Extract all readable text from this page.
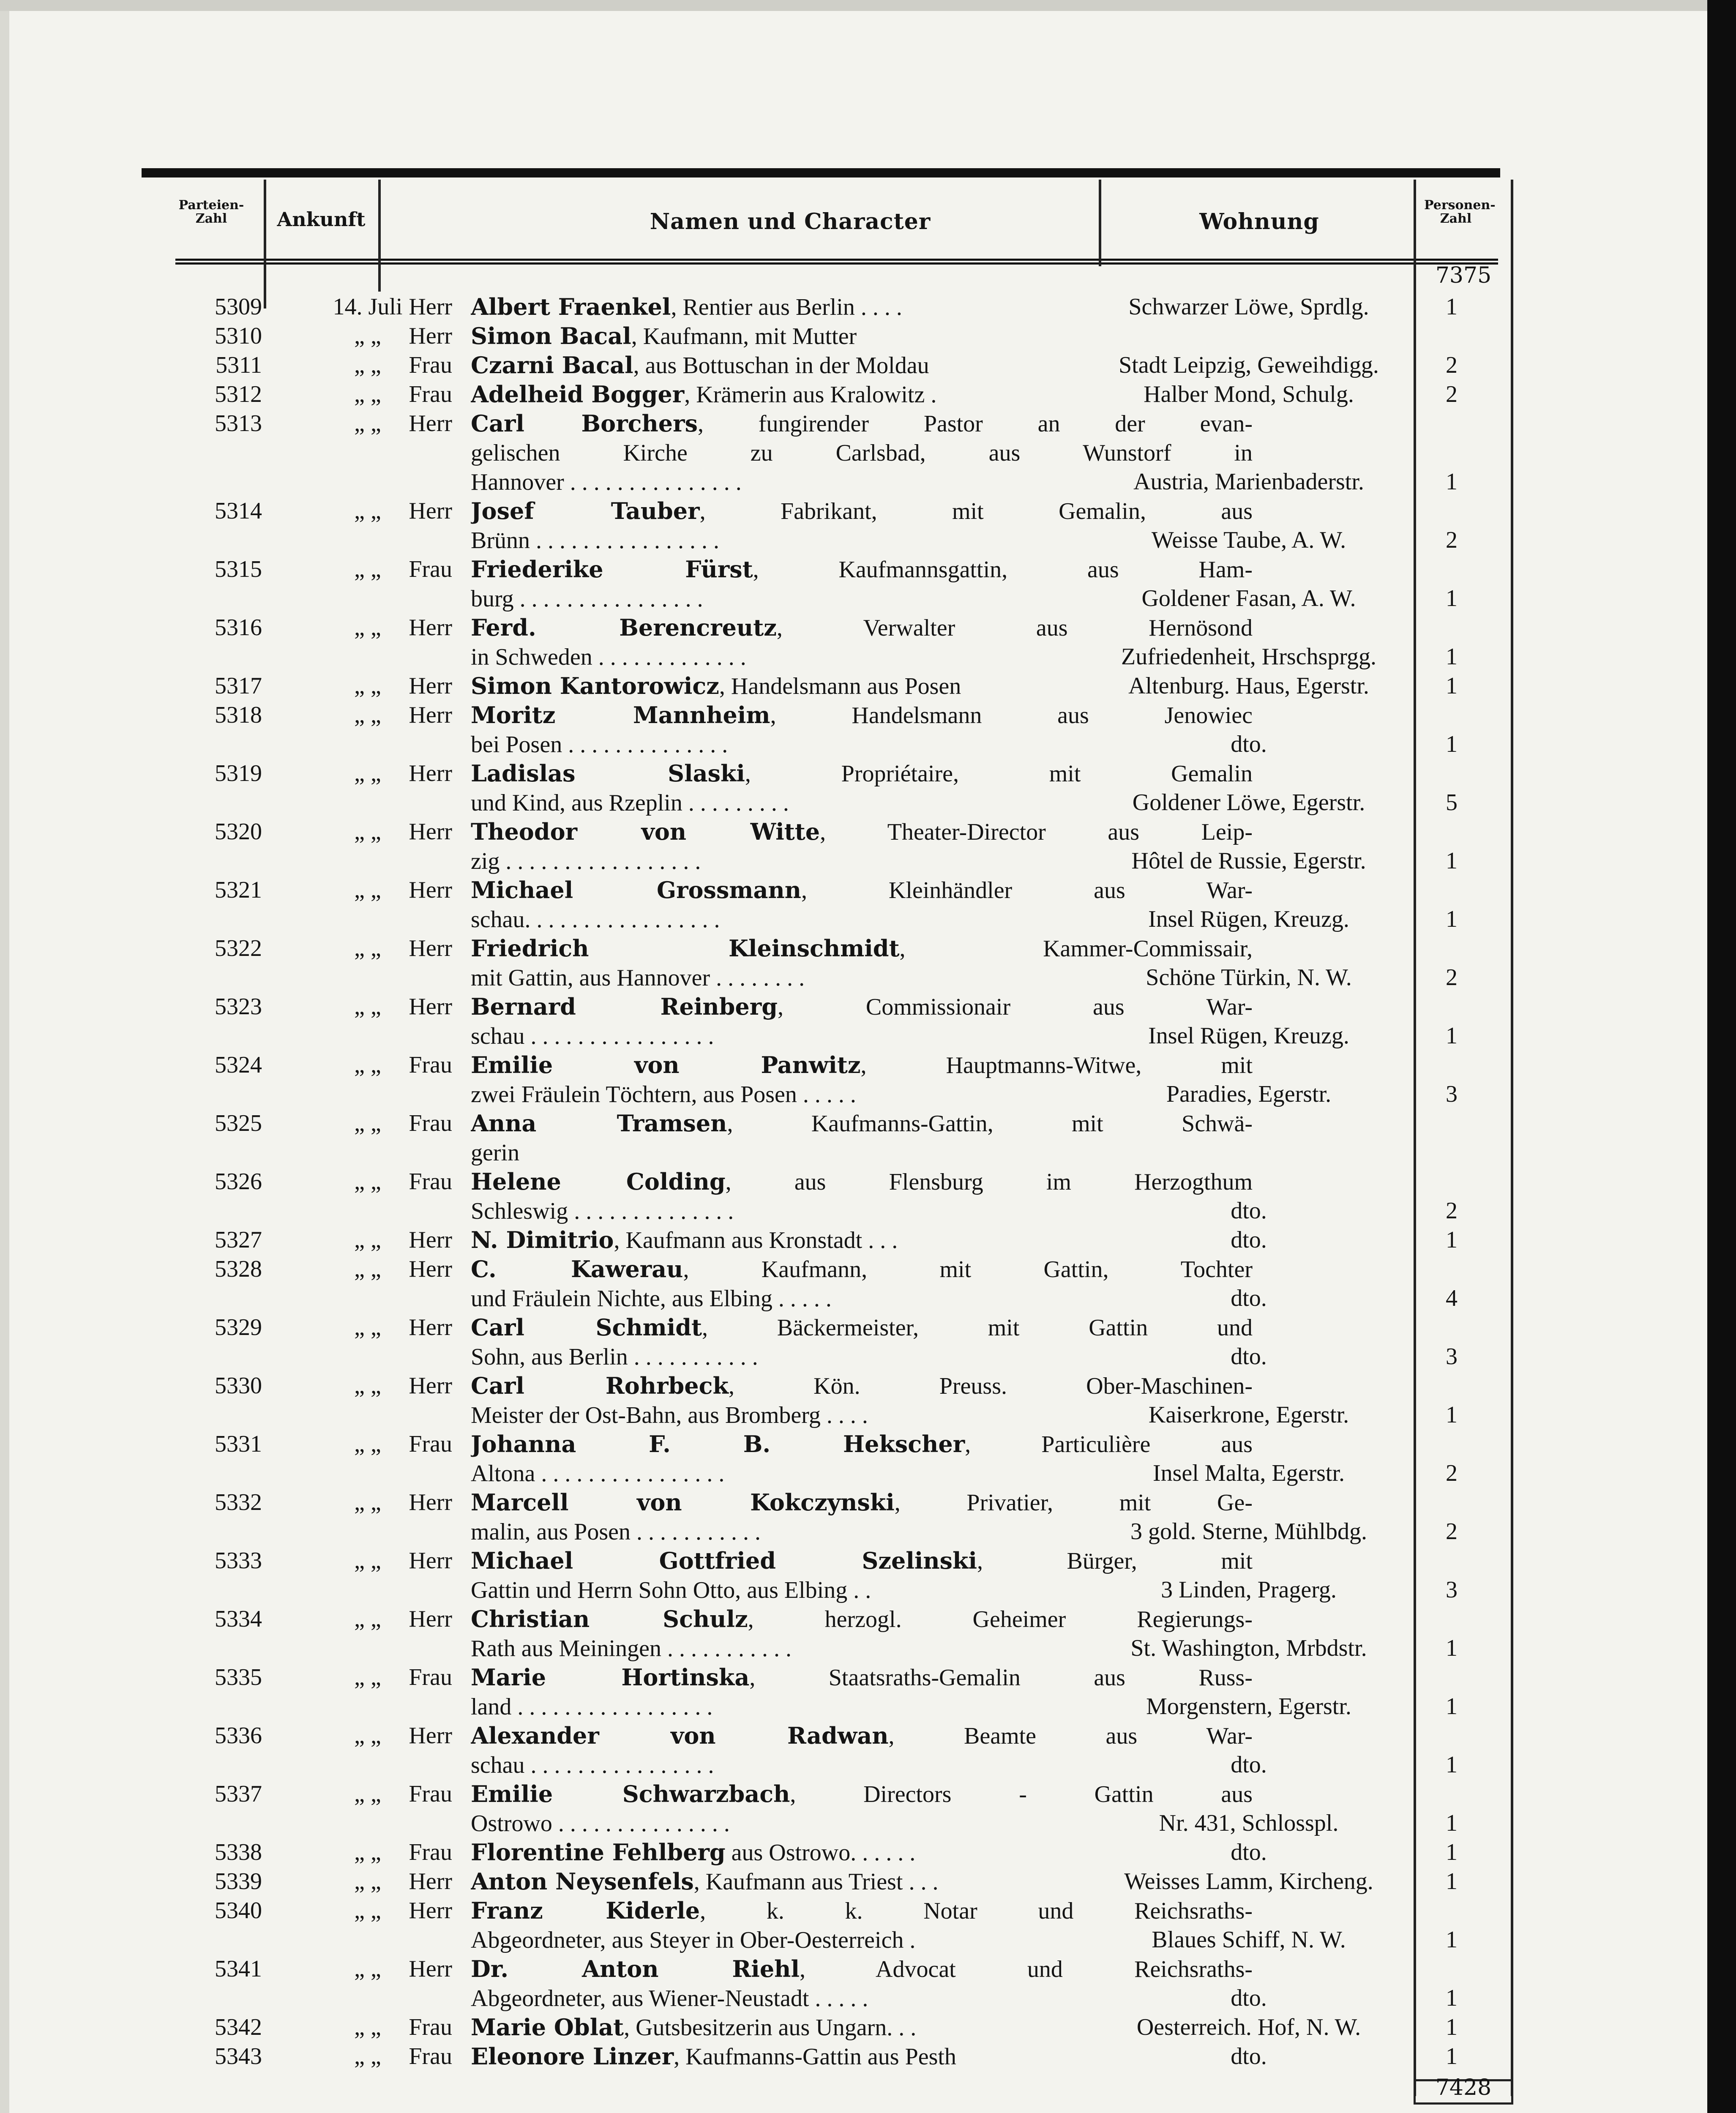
Parteien-Zahl	Ankunft	Namen und Character	Wohnung
Personen-Zahl
7375
5309	14. Juli Herr Albert Fraenkel, Rentier aus Berlin . . . .	Schwarzer Löwe, Sprdlg.	1
5310	„ „	Herr Simon Bacal, Kaufmann, mit Mutter
5311	„ „	Frau Czarni Bacal, aus Bottuschan in der Moldau	Stadt Leipzig, Geweihdigg.	2
5312	„ „	Frau Adelheid Bogger, Krämerin aus Kralowitz .	Halber Mond, Schulg.	2
5313	„ „	Herr Carl Borchers, fungirender Pastor an der evan-
gelischen Kirche zu Carlsbad, aus Wunstorf in
Hannover . . . . . . . . . . . . . . .	Austria, Marienbaderstr.	1
5314	„ „	Herr Josef Tauber, Fabrikant, mit Gemalin, aus
Brünn . . . . . . . . . . . . . . . .	Weisse Taube, A. W.	2
5315	„ „	Frau Friederike Fürst, Kaufmannsgattin, aus Ham-
burg . . . . . . . . . . . . . . . .	Goldener Fasan, A. W.	1
5316	„ „	Herr Ferd. Berencreutz, Verwalter aus Hernösond
in Schweden . . . . . . . . . . . . .	Zufriedenheit, Hrschsprgg.	1
5317	„ „	Herr Simon Kantorowicz, Handelsmann aus Posen	Altenburg. Haus, Egerstr.	1
5318	„ „	Herr Moritz Mannheim, Handelsmann aus Jenowiec
bei Posen . . . . . . . . . . . . . .	dto.	1
5319	„ „	Herr Ladislas Slaski, Propriétaire, mit Gemalin
und Kind, aus Rzeplin . . . . . . . . .	Goldener Löwe, Egerstr.	5
5320	„ „	Herr Theodor von Witte, Theater-Director aus Leip-
zig . . . . . . . . . . . . . . . . .	Hôtel de Russie, Egerstr.	1
5321	„ „	Herr Michael Grossmann, Kleinhändler aus War-
schau. . . . . . . . . . . . . . . . .	Insel Rügen, Kreuzg.	1
5322	„ „	Herr Friedrich Kleinschmidt, Kammer-Commissair,
mit Gattin, aus Hannover . . . . . . . .	Schöne Türkin, N. W.	2
5323	„ „	Herr Bernard Reinberg, Commissionair aus War-
schau . . . . . . . . . . . . . . . .	Insel Rügen, Kreuzg.	1
5324	„ „	Frau Emilie von Panwitz, Hauptmanns-Witwe, mit
zwei Fräulein Töchtern, aus Posen . . . . .	Paradies, Egerstr.	3
5325	„ „	Frau Anna Tramsen, Kaufmanns-Gattin, mit Schwä-
gerin
5326	„ „	Frau Helene Colding, aus Flensburg im Herzogthum
Schleswig . . . . . . . . . . . . . .	dto.	2
5327	„ „	Herr N. Dimitrio, Kaufmann aus Kronstadt . . .	dto.	1
5328	„ „	Herr C. Kawerau, Kaufmann, mit Gattin, Tochter
und Fräulein Nichte, aus Elbing . . . . .	dto.	4
5329	„ „	Herr Carl Schmidt, Bäckermeister, mit Gattin und
Sohn, aus Berlin . . . . . . . . . . .	dto.	3
5330	„ „	Herr Carl Rohrbeck, Kön. Preuss. Ober-Maschinen-
Meister der Ost-Bahn, aus Bromberg . . . .	Kaiserkrone, Egerstr.	1
5331	„ „	Frau Johanna F. B. Hekscher, Particulière aus
Altona . . . . . . . . . . . . . . . .	Insel Malta, Egerstr.	2
5332	„ „	Herr Marcell von Kokczynski, Privatier, mit Ge-
malin, aus Posen . . . . . . . . . . .	3 gold. Sterne, Mühlbdg.	2
5333	„ „	Herr Michael Gottfried Szelinski, Bürger, mit
Gattin und Herrn Sohn Otto, aus Elbing . .	3 Linden, Pragerg.	3
5334	„ „	Herr Christian Schulz, herzogl. Geheimer Regierungs-
Rath aus Meiningen . . . . . . . . . . .	St. Washington, Mrbdstr.	1
5335	„ „	Frau Marie Hortinska, Staatsraths-Gemalin aus Russ-
land . . . . . . . . . . . . . . . . .	Morgenstern, Egerstr.	1
5336	„ „	Herr Alexander von Radwan, Beamte aus War-
schau . . . . . . . . . . . . . . . .	dto.	1
5337	„ „	Frau Emilie Schwarzbach, Directors - Gattin aus
Ostrowo . . . . . . . . . . . . . . .	Nr. 431, Schlosspl.	1
5338	„ „	Frau Florentine Fehlberg aus Ostrowo. . . . . .	dto.	1
5339	„ „	Herr Anton Neysenfels, Kaufmann aus Triest . . .	Weisses Lamm, Kircheng.	1
5340	„ „	Herr Franz Kiderle, k. k. Notar und Reichsraths-
Abgeordneter, aus Steyer in Ober-Oesterreich .	Blaues Schiff, N. W.	1
5341	„ „	Herr Dr. Anton Riehl, Advocat und Reichsraths-
Abgeordneter, aus Wiener-Neustadt . . . . .	dto.	1
5342	„ „	Frau Marie Oblat, Gutsbesitzerin aus Ungarn. . .	Oesterreich. Hof, N. W.	1
5343	„ „	Frau Eleonore Linzer, Kaufmanns-Gattin aus Pesth	dto.	1
7428
